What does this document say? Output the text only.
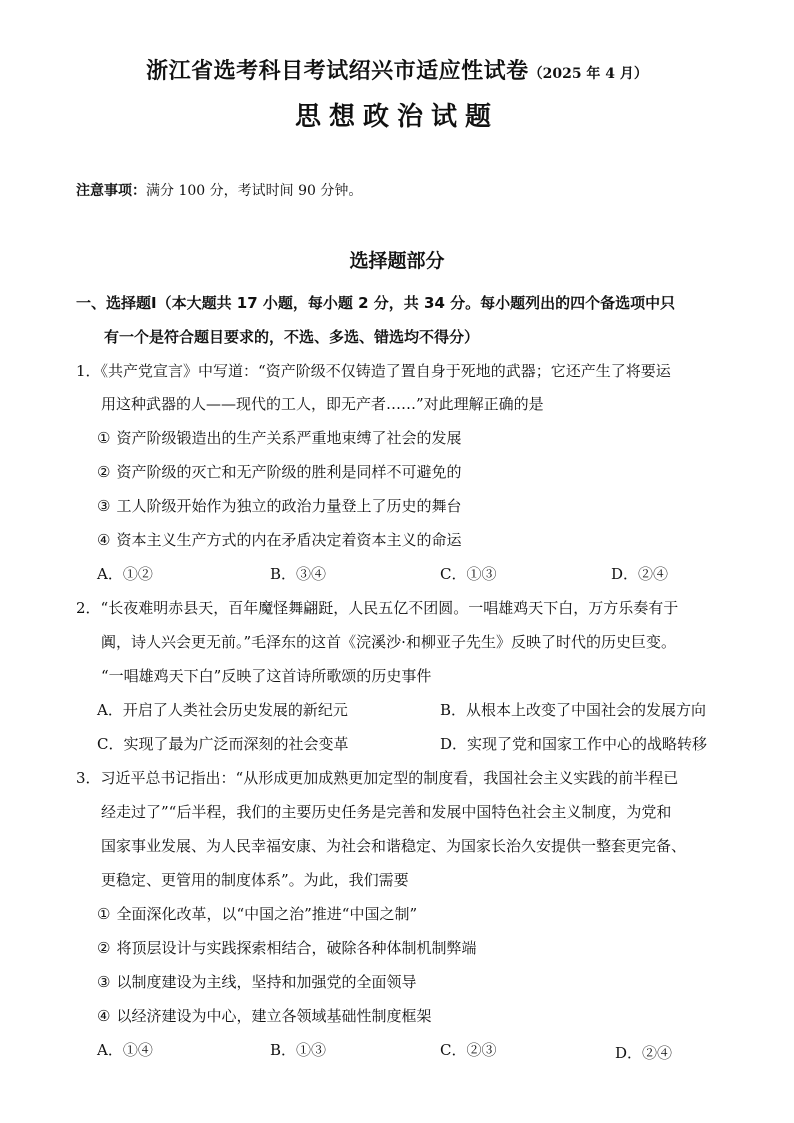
浙江省选考科目考试绍兴市适应性试卷（2025 年 4 月）
思想政治试题
注意事项：满分 100 分，考试时间 90 分钟。
选择题部分
一、选择题Ⅰ（本大题共 17 小题，每小题 2 分，共 34 分。每小题列出的四个备选项中只
有一个是符合题目要求的，不选、多选、错选均不得分）
1．《共产党宣言》中写道：“资产阶级不仅铸造了置自身于死地的武器；它还产生了将要运
用这种武器的人——现代的工人，即无产者……”对此理解正确的是
① 资产阶级锻造出的生产关系严重地束缚了社会的发展
② 资产阶级的灭亡和无产阶级的胜利是同样不可避免的
③ 工人阶级开始作为独立的政治力量登上了历史的舞台
④ 资本主义生产方式的内在矛盾决定着资本主义的命运
A．①②	B．③④	C．①③	D．②④
2．“长夜难明赤县天，百年魔怪舞翩跹，人民五亿不团圆。一唱雄鸡天下白，万方乐奏有于
阗，诗人兴会更无前。”毛泽东的这首《浣溪沙·和柳亚子先生》反映了时代的历史巨变。
“一唱雄鸡天下白”反映了这首诗所歌颂的历史事件
A．开启了人类社会历史发展的新纪元	B．从根本上改变了中国社会的发展方向
C．实现了最为广泛而深刻的社会变革	D．实现了党和国家工作中心的战略转移
3．习近平总书记指出：“从形成更加成熟更加定型的制度看，我国社会主义实践的前半程已
经走过了”“后半程，我们的主要历史任务是完善和发展中国特色社会主义制度，为党和
国家事业发展、为人民幸福安康、为社会和谐稳定、为国家长治久安提供一整套更完备、
更稳定、更管用的制度体系”。为此，我们需要
① 全面深化改革，以“中国之治”推进“中国之制”
② 将顶层设计与实践探索相结合，破除各种体制机制弊端
③ 以制度建设为主线，坚持和加强党的全面领导
④ 以经济建设为中心，建立各领域基础性制度框架
A．①④	B．①③	C．②③	D．②④
